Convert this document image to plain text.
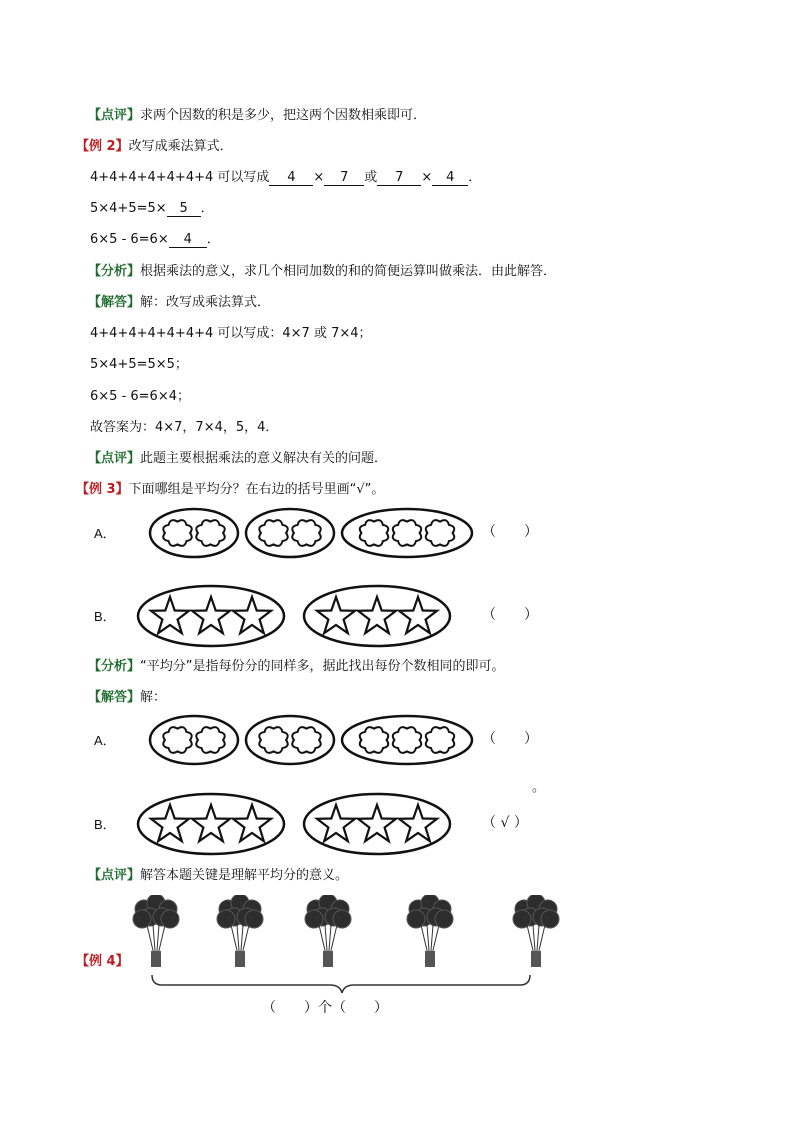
【点评】求两个因数的积是多少，把这两个因数相乘即可．
【例 2】改写成乘法算式．
4+4+4+4+4+4+4 可以写成 4 × 7 或 7 × 4 ．
5×4+5=5× 5 ．
6×5 - 6=6× 4 ．
【分析】根据乘法的意义，求几个相同加数的和的简便运算叫做乘法．由此解答．
【解答】解：改写成乘法算式．
4+4+4+4+4+4+4 可以写成：4×7 或 7×4；
5×4+5=5×5；
6×5 - 6=6×4；
故答案为：4×7，7×4，5，4．
【点评】此题主要根据乘法的意义解决有关的问题．
【例 3】下面哪组是平均分？在右边的括号里画“√”。
A．	（　　）
B．	（　　）
【分析】“平均分”是指每份分的同样多，据此找出每份个数相同的即可。
【解答】解：
A．	（　　）
。
B．	（ √ ）
【点评】解答本题关键是理解平均分的意义。
【例 4】
（　　）个（　　）
